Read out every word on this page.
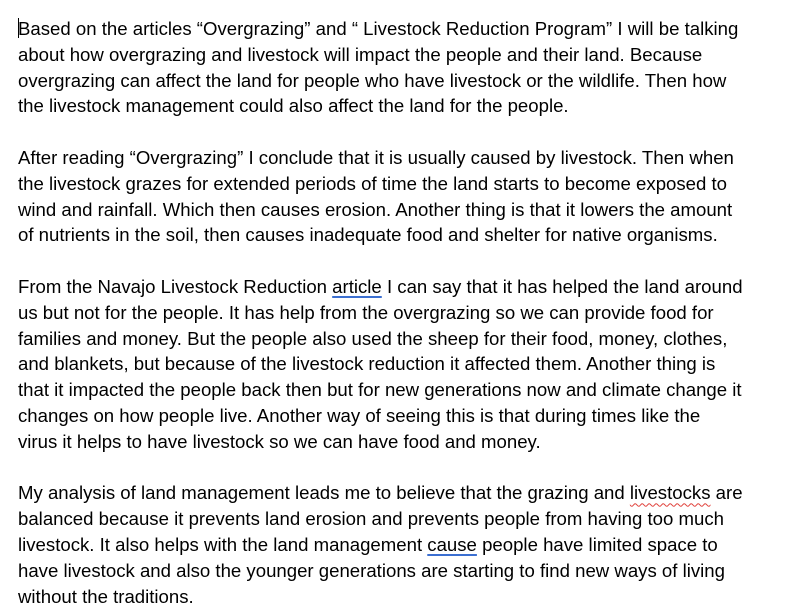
Based on the articles “Overgrazing” and “ Livestock Reduction Program” I will be talking
about how overgrazing and livestock will impact the people and their land. Because
overgrazing can affect the land for people who have livestock or the wildlife. Then how
the livestock management could also affect the land for the people.
After reading “Overgrazing” I conclude that it is usually caused by livestock. Then when
the livestock grazes for extended periods of time the land starts to become exposed to
wind and rainfall. Which then causes erosion. Another thing is that it lowers the amount
of nutrients in the soil, then causes inadequate food and shelter for native organisms.
From the Navajo Livestock Reduction article I can say that it has helped the land around
us but not for the people. It has help from the overgrazing so we can provide food for
families and money. But the people also used the sheep for their food, money, clothes,
and blankets, but because of the livestock reduction it affected them. Another thing is
that it impacted the people back then but for new generations now and climate change it
changes on how people live. Another way of seeing this is that during times like the
virus it helps to have livestock so we can have food and money.
My analysis of land management leads me to believe that the grazing and livestocks are
balanced because it prevents land erosion and prevents people from having too much
livestock. It also helps with the land management cause people have limited space to
have livestock and also the younger generations are starting to find new ways of living
without the traditions.
